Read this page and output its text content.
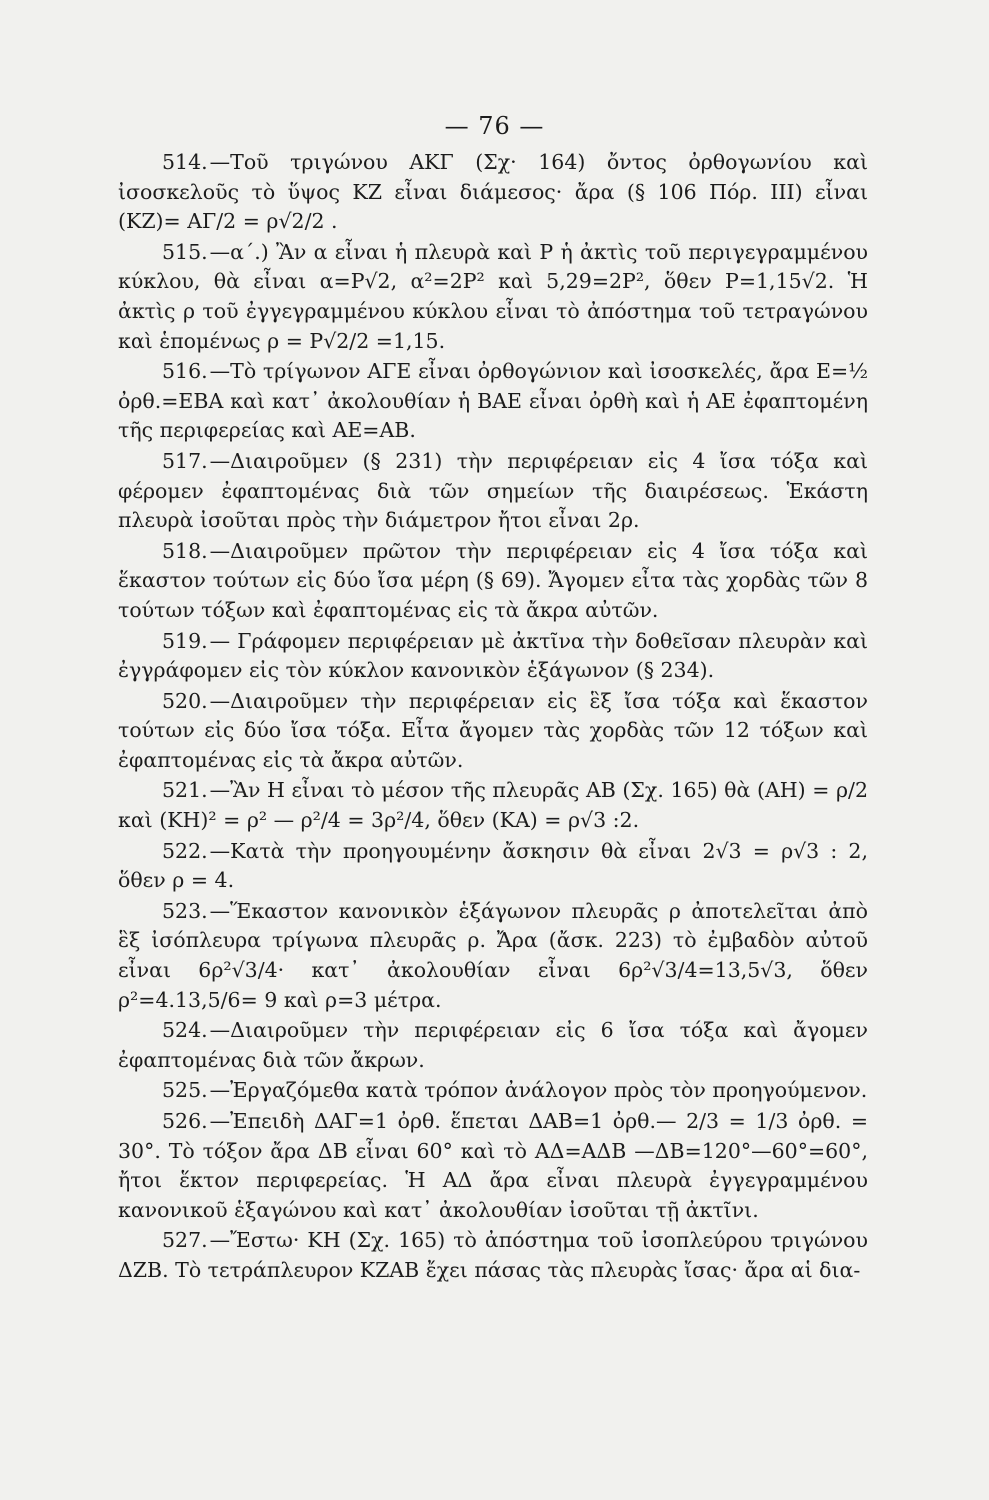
— 76 —

514.—Τοῦ τριγώνου ΑΚΓ (Σχ· 164) ὄντος ὀρθογωνίου καὶ ἰσοσκελοῦς τὸ ὕψος ΚΖ εἶναι διάμεσος· ἄρα (§ 106 Πόρ. ΙΙΙ) εἶναι (ΚΖ)= ΑΓ/2 = ρ√2/2 .

515.—α΄.) Ἂν α εἶναι ἡ πλευρὰ καὶ Ρ ἡ ἀκτὶς τοῦ περιγεγραμμένου κύκλου, θὰ εἶναι α=Ρ√2, α²=2Ρ² καὶ 5,29=2Ρ², ὅθεν Ρ=1,15√2. Ἡ ἀκτὶς ρ τοῦ ἐγγεγραμμένου κύκλου εἶναι τὸ ἀπόστημα τοῦ τετραγώνου καὶ ἑπομένως ρ = Ρ√2/2 =1,15.

516.—Τὸ τρίγωνον ΑΓΕ εἶναι ὀρθογώνιον καὶ ἰσοσκελές, ἄρα Ε=½ ὀρθ.=ΕΒΑ καὶ κατ᾿ ἀκολουθίαν ἡ ΒΑΕ εἶναι ὀρθὴ καὶ ἡ ΑΕ ἐφαπτομένη τῆς περιφερείας καὶ ΑΕ=ΑΒ.

517.—Διαιροῦμεν (§ 231) τὴν περιφέρειαν εἰς 4 ἴσα τόξα καὶ φέρομεν ἐφαπτομένας διὰ τῶν σημείων τῆς διαιρέσεως. Ἑκάστη πλευρὰ ἰσοῦται πρὸς τὴν διάμετρον ἤτοι εἶναι 2ρ.

518.—Διαιροῦμεν πρῶτον τὴν περιφέρειαν εἰς 4 ἴσα τόξα καὶ ἕκαστον τούτων εἰς δύο ἴσα μέρη (§ 69). Ἄγομεν εἶτα τὰς χορδὰς τῶν 8 τούτων τόξων καὶ ἐφαπτομένας εἰς τὰ ἄκρα αὐτῶν.

519.— Γράφομεν περιφέρειαν μὲ ἀκτῖνα τὴν δοθεῖσαν πλευρὰν καὶ ἐγγράφομεν εἰς τὸν κύκλον κανονικὸν ἑξάγωνον (§ 234).

520.—Διαιροῦμεν τὴν περιφέρειαν εἰς ἓξ ἴσα τόξα καὶ ἕκαστον τούτων εἰς δύο ἴσα τόξα. Εἶτα ἄγομεν τὰς χορδὰς τῶν 12 τόξων καὶ ἐφαπτομένας εἰς τὰ ἄκρα αὐτῶν.

521.—Ἂν Η εἶναι τὸ μέσον τῆς πλευρᾶς ΑΒ (Σχ. 165) θὰ (ΑΗ) = ρ/2 καὶ (ΚΗ)² = ρ² — ρ²/4 = 3ρ²/4, ὅθεν (ΚΑ) = ρ√3 :2.

522.—Κατὰ τὴν προηγουμένην ἄσκησιν θὰ εἶναι 2√3 = ρ√3 : 2, ὅθεν ρ = 4.

523.—Ἕκαστον κανονικὸν ἑξάγωνον πλευρᾶς ρ ἀποτελεῖται ἀπὸ ἓξ ἰσόπλευρα τρίγωνα πλευρᾶς ρ. Ἄρα (ἄσκ. 223) τὸ ἐμβαδὸν αὐτοῦ εἶναι 6ρ²√3/4· κατ᾿ ἀκολουθίαν εἶναι 6ρ²√3/4=13,5√3, ὅθεν ρ²=4.13,5/6= 9 καὶ ρ=3 μέτρα.

524.—Διαιροῦμεν τὴν περιφέρειαν εἰς 6 ἴσα τόξα καὶ ἄγομεν ἐφαπτομένας διὰ τῶν ἄκρων.

525.—Ἐργαζόμεθα κατὰ τρόπον ἀνάλογον πρὸς τὸν προηγούμενον.

526.—Ἐπειδὴ ΔΑΓ=1 ὀρθ. ἕπεται ΔΑΒ=1 ὀρθ.— 2/3 = 1/3 ὀρθ. = 30°. Τὸ τόξον ἄρα ΔΒ εἶναι 60° καὶ τὸ ΑΔ=ΑΔΒ —ΔΒ=120°—60°=60°, ἤτοι ἕκτον περιφερείας. Ἡ ΑΔ ἄρα εἶναι πλευρὰ ἐγγεγραμμένου κανονικοῦ ἑξαγώνου καὶ κατ᾿ ἀκολουθίαν ἰσοῦται τῇ ἀκτῖνι.

527.—Ἔστω· ΚΗ (Σχ. 165) τὸ ἀπόστημα τοῦ ἰσοπλεύρου τριγώνου ΔΖΒ. Τὸ τετράπλευρον ΚΖΑΒ ἔχει πάσας τὰς πλευρὰς ἴσας· ἄρα αἱ δια-
